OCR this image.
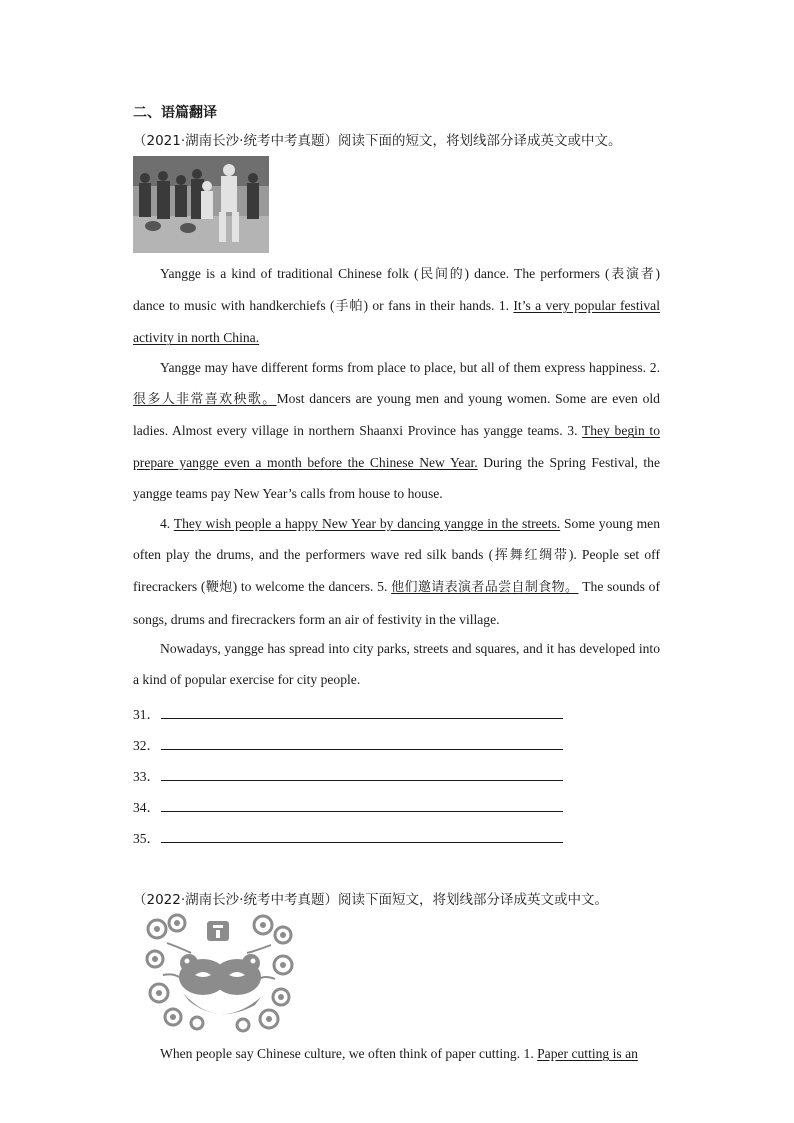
二、语篇翻译
（2021·湖南长沙·统考中考真题）阅读下面的短文，将划线部分译成英文或中文。

Yangge is a kind of traditional Chinese folk (民间的) dance. The performers (表演者) dance to music with handkerchiefs (手帕) or fans in their hands. 1. It’s a very popular festival activity in north China.

Yangge may have different forms from place to place, but all of them express happiness. 2. 很多人非常喜欢秧歌。Most dancers are young men and young women. Some are even old ladies. Almost every village in northern Shaanxi Province has yangge teams. 3. They begin to prepare yangge even a month before the Chinese New Year. During the Spring Festival, the yangge teams pay New Year’s calls from house to house.

4. They wish people a happy New Year by dancing yangge in the streets. Some young men often play the drums, and the performers wave red silk bands (挥舞红绸带). People set off firecrackers (鞭炮) to welcome the dancers. 5. 他们邀请表演者品尝自制食物。 The sounds of songs, drums and firecrackers form an air of festivity in the village.

Nowadays, yangge has spread into city parks, streets and squares, and it has developed into a kind of popular exercise for city people.

31．
32．
33．
34．
35．
（2022·湖南长沙·统考中考真题）阅读下面短文，将划线部分译成英文或中文。

When people say Chinese culture, we often think of paper cutting. 1. Paper cutting is an
